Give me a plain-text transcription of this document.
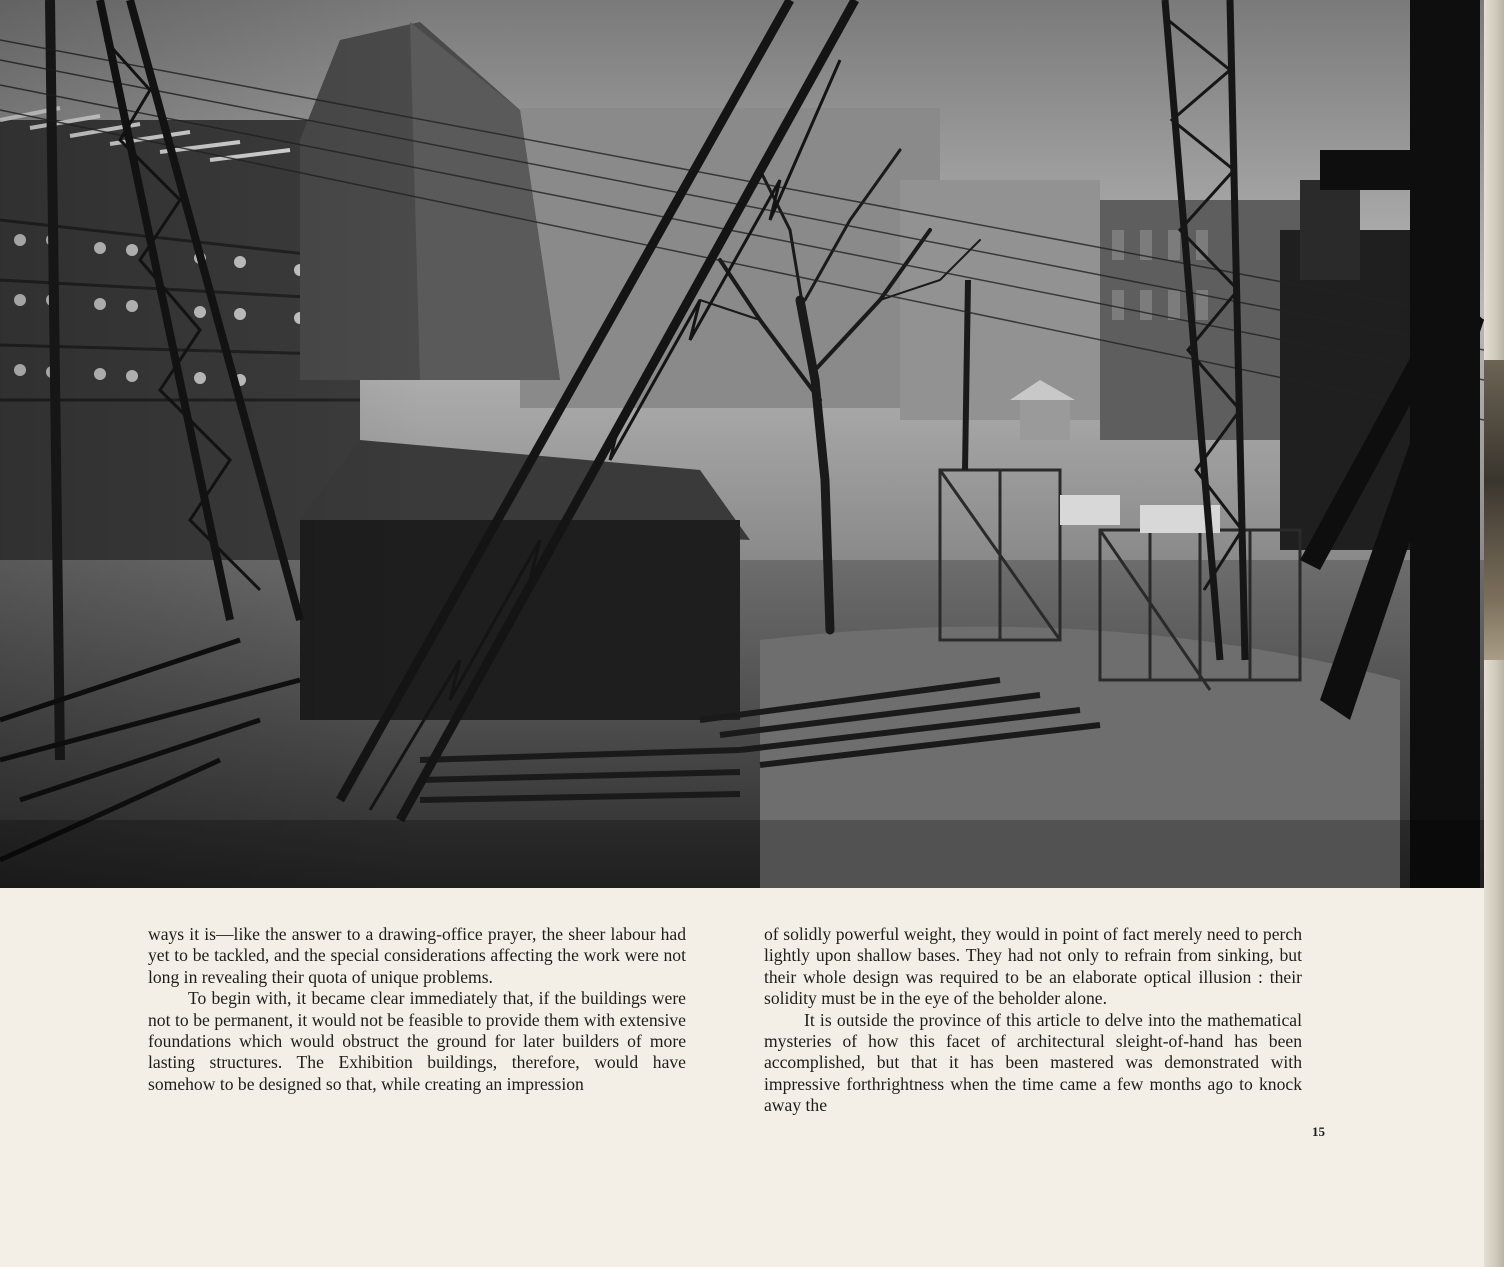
ways it is—like the answer to a drawing-office prayer, the sheer labour had yet to be tackled, and the special considerations affecting the work were not long in revealing their quota of unique problems.

To begin with, it became clear immediately that, if the buildings were not to be permanent, it would not be feasible to provide them with extensive foundations which would obstruct the ground for later builders of more lasting structures. The Exhibition buildings, therefore, would have somehow to be designed so that, while creating an impression

of solidly powerful weight, they would in point of fact merely need to perch lightly upon shallow bases. They had not only to refrain from sinking, but their whole design was required to be an elaborate optical illusion : their solidity must be in the eye of the beholder alone.

It is outside the province of this article to delve into the mathematical mysteries of how this facet of architectural sleight-of-hand has been accomplished, but that it has been mastered was demonstrated with impressive forthrightness when the time came a few months ago to knock away the

15
